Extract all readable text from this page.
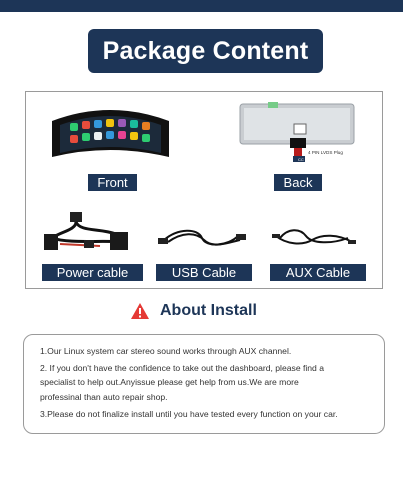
Package Content
Front
CC
4 PIN LVDS Plug
Back
Power cable	USB Cable	AUX Cable
About Install
1.Our Linux system car stereo sound works through AUX channel.
2. If you don't have the confidence to take out the dashboard, please find a
specialist to help out.Anyissue please get help from us.We are more
professinal than auto repair shop.
3.Please do not finalize install until you have tested every function on your car.
